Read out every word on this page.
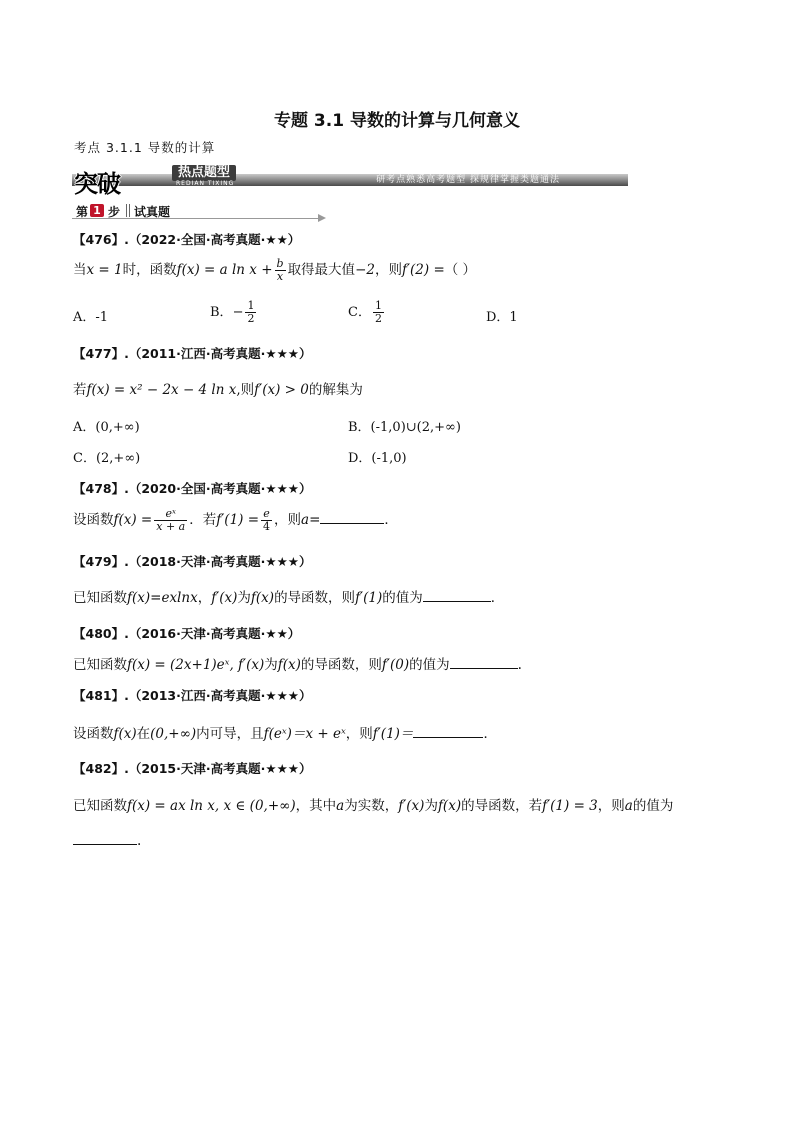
专题 3.1 导数的计算与几何意义
考点 3.1.1 导数的计算
突破	热点题型
REDIAN TIXING	研考点熟悉高考题型 探规律掌握类题通法
第 1 步 试真题
【476】.（2022·全国·高考真题·★★）
当x = 1时，函数f(x) = a $\ln x + \frac{b}{x}$ 取得最大值−2，则f′(2) =（ ）
A．-1	B．− $\frac{1}{2}$	C． $\frac{1}{2}$	D．1
【477】.（2011·江西·高考真题·★★★）
若f(x) = x² − 2x − 4 ln x,则f′(x) > 0的解集为
A．(0,+∞)	B．(-1,0)∪(2,+∞)
C．(2,+∞)	D．(-1,0)
【478】.（2020·全国·高考真题·★★★）
设函数$f(x) = \frac{\text{eˣ}}{x + a}$ ．若$f'(1) = \frac{e}{4}$ ，则a=	．
【479】.（2018·天津·高考真题·★★★）
已知函数f(x)=exlnx，f′(x)为f(x)的导函数，则f′(1)的值为	．
【480】.（2016·天津·高考真题·★★）
已知函数f(x) = (2x+1)eˣ, f′(x)为f(x)的导函数，则f′(0)的值为	.
【481】.（2013·江西·高考真题·★★★）
设函数f(x)在(0,+∞)内可导，且f(eˣ)＝x + eˣ，则f′(1)＝	．
【482】.（2015·天津·高考真题·★★★）
已知函数f(x) = ax ln x, x ∈ (0,+∞)，其中a为实数，f′(x)为f(x)的导函数，若f′(1) = 3，则a的值为
.
